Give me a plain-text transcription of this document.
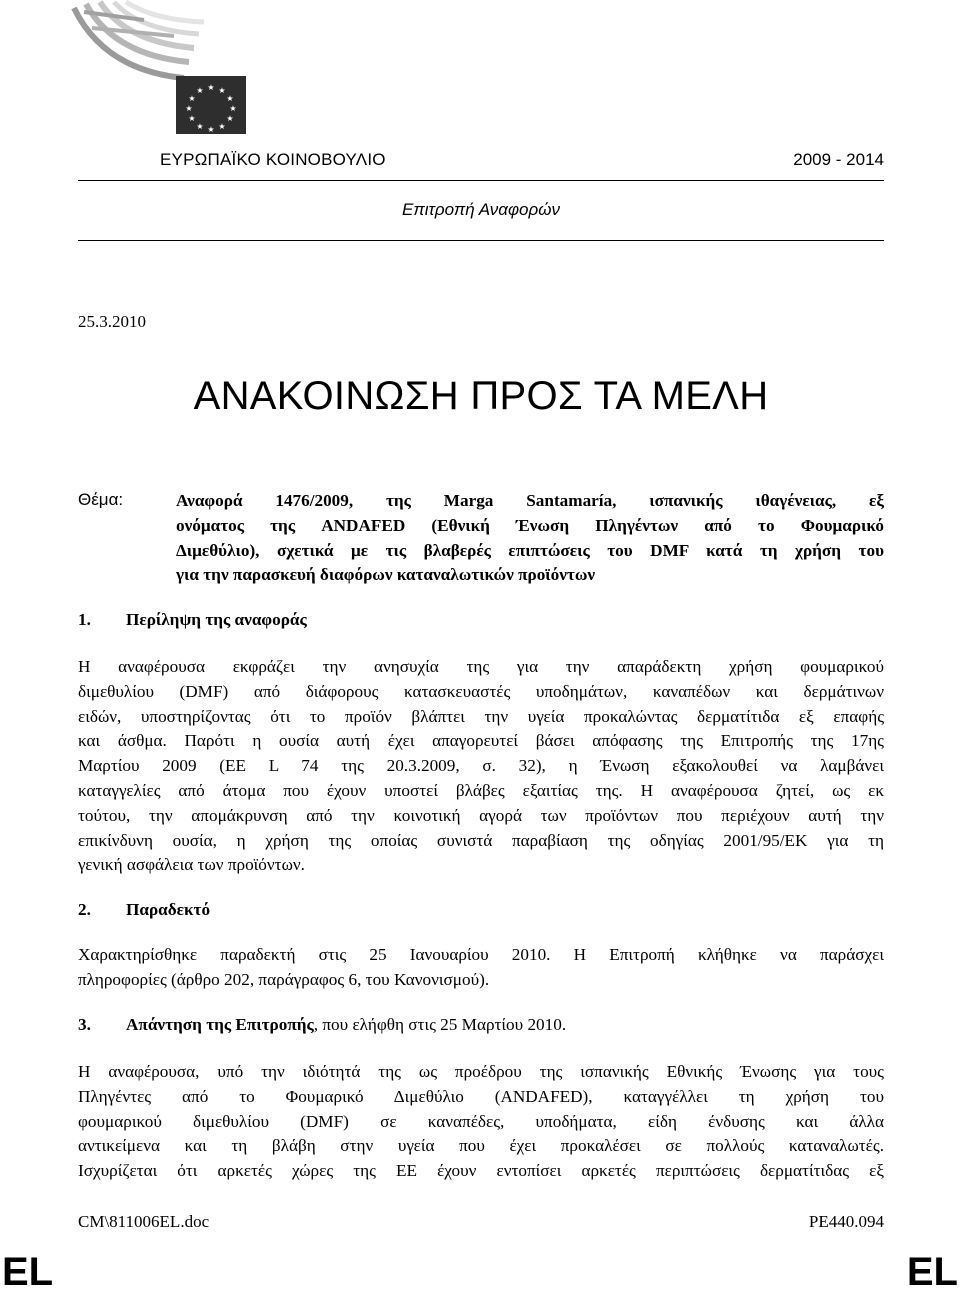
★ ★
★
★
★
★
★
★
★
★
★
★
ΕΥΡΩΠΑΪΚΟ ΚΟΙΝΟΒΟΥΛΙΟ	2009 - 2014
Επιτροπή Αναφορών
25.3.2010
ΑΝΑΚΟΙΝΩΣΗ ΠΡΟΣ ΤΑ ΜΕΛΗ
Θέμα:	Αναφορά 1476/2009, της Marga Santamaría, ισπανικής ιθαγένειας, εξ
ονόματος της ANDAFED (Εθνική Ένωση Πληγέντων από το Φουμαρικό
Διμεθύλιο), σχετικά με τις βλαβερές επιπτώσεις του DMF κατά τη χρήση του
για την παρασκευή διαφόρων καταναλωτικών προϊόντων
1. Περίληψη της αναφοράς
Η αναφέρουσα εκφράζει την ανησυχία της για την απαράδεκτη χρήση φουμαρικού
διμεθυλίου (DMF) από διάφορους κατασκευαστές υποδημάτων, καναπέδων και δερμάτινων
ειδών, υποστηρίζοντας ότι το προϊόν βλάπτει την υγεία προκαλώντας δερματίτιδα εξ επαφής
και άσθμα. Παρότι η ουσία αυτή έχει απαγορευτεί βάσει απόφασης της Επιτροπής της 17ης
Μαρτίου 2009 (ΕΕ L 74 της 20.3.2009, σ. 32), η Ένωση εξακολουθεί να λαμβάνει
καταγγελίες από άτομα που έχουν υποστεί βλάβες εξαιτίας της. Η αναφέρουσα ζητεί, ως εκ
τούτου, την απομάκρυνση από την κοινοτική αγορά των προϊόντων που περιέχουν αυτή την
επικίνδυνη ουσία, η χρήση της οποίας συνιστά παραβίαση της οδηγίας 2001/95/ΕΚ για τη
γενική ασφάλεια των προϊόντων.
2. Παραδεκτό
Χαρακτηρίσθηκε παραδεκτή στις 25 Ιανουαρίου 2010. Η Επιτροπή κλήθηκε να παράσχει
πληροφορίες (άρθρο 202, παράγραφος 6, του Κανονισμού).
3. Απάντηση της Επιτροπής, που ελήφθη στις 25 Μαρτίου 2010.
Η αναφέρουσα, υπό την ιδιότητά της ως προέδρου της ισπανικής Εθνικής Ένωσης για τους
Πληγέντες από το Φουμαρικό Διμεθύλιο (ANDAFED), καταγγέλλει τη χρήση του
φουμαρικού διμεθυλίου (DMF) σε καναπέδες, υποδήματα, είδη ένδυσης και άλλα
αντικείμενα και τη βλάβη στην υγεία που έχει προκαλέσει σε πολλούς καταναλωτές.
Ισχυρίζεται ότι αρκετές χώρες της ΕΕ έχουν εντοπίσει αρκετές περιπτώσεις δερματίτιδας εξ
CM\811006EL.doc	PE440.094
EL	EL
